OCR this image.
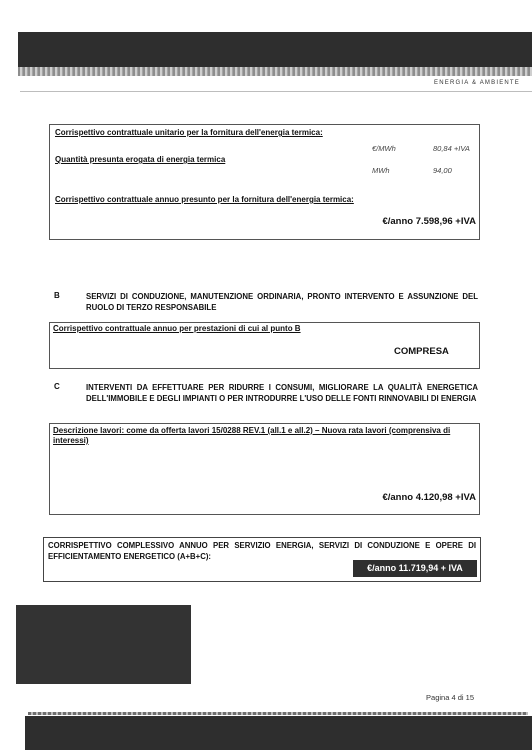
ENERGIA & AMBIENTE
Corrispettivo contrattuale unitario per la fornitura dell'energia termica:
€/MWh	80,84 +IVA
Quantità presunta erogata di energia termica
MWh	94,00
Corrispettivo contrattuale annuo presunto per la fornitura dell'energia termica:
€/anno 7.598,96 +IVA
B	SERVIZI DI CONDUZIONE, MANUTENZIONE ORDINARIA, PRONTO INTERVENTO E ASSUNZIONE DEL RUOLO DI TERZO RESPONSABILE
Corrispettivo contrattuale annuo per prestazioni di cui al punto B
COMPRESA
C	INTERVENTI DA EFFETTUARE PER RIDURRE I CONSUMI, MIGLIORARE LA QUALITÀ ENERGETICA DELL'IMMOBILE E DEGLI IMPIANTI O PER INTRODURRE L'USO DELLE FONTI RINNOVABILI DI ENERGIA
Descrizione lavori: come da offerta lavori 15/0288 REV.1 (all.1 e all.2) – Nuova rata lavori (comprensiva di interessi)
€/anno 4.120,98 +IVA
CORRISPETTIVO COMPLESSIVO ANNUO PER SERVIZIO ENERGIA, SERVIZI DI CONDUZIONE E OPERE DI EFFICIENTAMENTO ENERGETICO (A+B+C):
€/anno 11.719,94 + IVA
Pagina 4 di 15
